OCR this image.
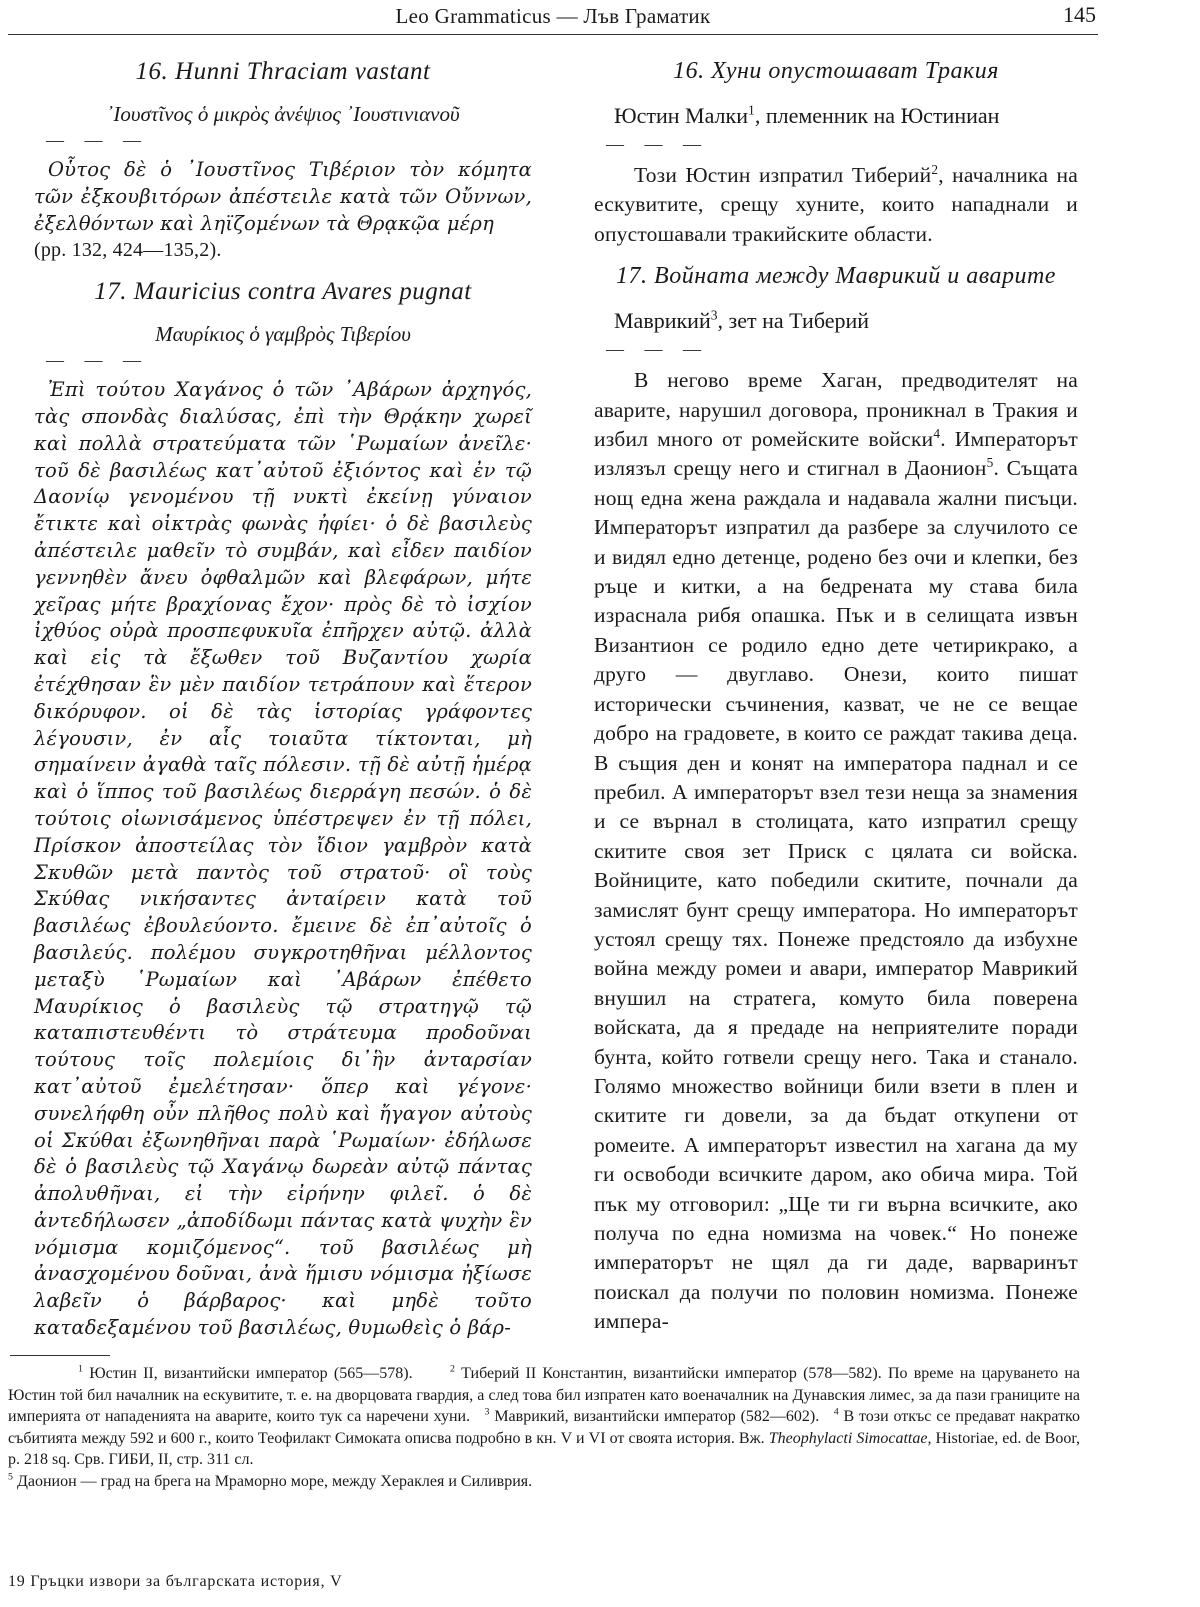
Leo Grammaticus — Лъв Граматик	145
16. Hunni Thraciam vastant
᾿Ιουστῖνος ὁ μικρὸς ἀνέψιος ᾿Ιουστινιανοῦ
— — —

Οὗτος δὲ ὁ ᾿Ιουστῖνος Τιβέριον τὸν κόμητα τῶν ἐξκουβιτόρων ἀπέστειλε κατὰ τῶν Οὔννων, ἐξελθόντων καὶ ληϊζομένων τὰ Θρᾳκῷα μέρη
(pp. 132, 424—135,2).

17. Mauricius contra Avares pugnat
Μαυρίκιος ὁ γαμβρὸς Τιβερίου
— — —

Ἐπὶ τούτου Χαγάνος ὁ τῶν ᾿Αβάρων ἀρχηγός, τὰς σπονδὰς διαλύσας, ἐπὶ τὴν Θρᾴκην χωρεῖ καὶ πολλὰ στρατεύματα τῶν ῾Ρωμαίων ἀνεῖλε· τοῦ δὲ βασιλέως κατ᾿αὐτοῦ ἐξιόντος καὶ ἐν τῷ Δαονίῳ γενομένου τῇ νυκτὶ ἐκείνῃ γύναιον ἔτικτε καὶ οἰκτρὰς φωνὰς ἠφίει· ὁ δὲ βασιλεὺς ἀπέστειλε μαθεῖν τὸ συμβάν, καὶ εἶδεν παιδίον γεννηθὲν ἄνευ ὀφθαλμῶν καὶ βλεφάρων, μήτε χεῖρας μήτε βραχίονας ἔχον· πρὸς δὲ τὸ ἰσχίον ἰχθύος οὐρὰ προσπεφυκυῖα ἐπῆρχεν αὐτῷ. ἀλλὰ καὶ εἰς τὰ ἔξωθεν τοῦ Βυζαντίου χωρία ἐτέχθησαν ἓν μὲν παιδίον τετράπουν καὶ ἕτερον δικόρυφον. οἱ δὲ τὰς ἱστορίας γράφοντες λέγουσιν, ἐν αἷς τοιαῦτα τίκτονται, μὴ σημαίνειν ἀγαθὰ ταῖς πόλεσιν. τῇ δὲ αὐτῇ ἡμέρᾳ καὶ ὁ ἵππος τοῦ βασιλέως διερράγη πεσών. ὁ δὲ τούτοις οἰωνισάμενος ὑπέστρεψεν ἐν τῇ πόλει, Πρίσκον ἀποστείλας τὸν ἴδιον γαμβρὸν κατὰ Σκυθῶν μετὰ παντὸς τοῦ στρατοῦ· οἳ τοὺς Σκύθας νικήσαντες ἀνταίρειν κατὰ τοῦ βασιλέως ἐβουλεύοντο. ἔμεινε δὲ ἐπ᾿αὐτοῖς ὁ βασιλεύς. πολέμου συγκροτηθῆναι μέλλοντος μεταξὺ ῾Ρωμαίων καὶ ᾿Αβάρων ἐπέθετο Μαυρίκιος ὁ βασιλεὺς τῷ στρατηγῷ τῷ καταπιστευθέντι τὸ στράτευμα προδοῦναι τούτους τοῖς πολεμίοις δι᾿ἣν ἀνταρσίαν κατ᾿αὐτοῦ ἐμελέτησαν· ὅπερ καὶ γέγονε· συνελήφθη οὖν πλῆθος πολὺ καὶ ἤγαγον αὐτοὺς οἱ Σκύθαι ἐξωνηθῆναι παρὰ ῾Ρωμαίων· ἐδήλωσε δὲ ὁ βασιλεὺς τῷ Χαγάνῳ δωρεὰν αὐτῷ πάντας ἀπολυθῆναι, εἰ τὴν εἰρήνην φιλεῖ. ὁ δὲ ἀντεδήλωσεν „ἀποδίδωμι πάντας κατὰ ψυχὴν ἓν νόμισμα κομιζόμενος“. τοῦ βασιλέως μὴ ἀνασχομένου δοῦναι, ἀνὰ ἥμισυ νόμισμα ἠξίωσε λαβεῖν ὁ βάρβαρος· καὶ μηδὲ τοῦτο καταδεξαμένου τοῦ βασιλέως, θυμωθεὶς ὁ βάρ-

16. Хуни опустошават Тракия
Юстин Малки$^1$, племенник на Юстиниан
— — —

Този Юстин изпратил Тиберий$^2$, началника на ескувитите, срещу хуните, които нападнали и опустошавали тракийските области.

17. Войната между Маврикий и аварите
Маврикий$^3$, зет на Тиберий
— — —

В негово време Хаган, предводителят на аварите, нарушил договора, проникнал в Тракия и избил много от ромейските войски$^4$. Императорът излязъл срещу него и стигнал в Даонион$^5$. Същата нощ една жена раждала и надавала жални писъци. Императорът изпратил да разбере за случилото се и видял едно детенце, родено без очи и клепки, без ръце и китки, а на бедрената му става била израснала рибя опашка. Пък и в селищата извън Византион се родило едно дете четирикрако, а друго — двуглаво. Онези, които пишат исторически съчинения, казват, че не се вещае добро на градовете, в които се раждат такива деца. В същия ден и конят на императора паднал и се пребил. А императорът взел тези неща за знамения и се върнал в столицата, като изпратил срещу скитите своя зет Приск с цялата си войска. Войниците, като победили скитите, почнали да замислят бунт срещу императора. Но императорът устоял срещу тях. Понеже предстояло да избухне война между ромеи и авари, император Маврикий внушил на стратега, комуто била поверена войската, да я предаде на неприятелите поради бунта, който готвели срещу него. Така и станало. Голямо множество войници били взети в плен и скитите ги довели, за да бъдат откупени от ромеите. А императорът известил на хагана да му ги освободи всичките даром, ако обича мира. Той пък му отговорил: „Ще ти ги върна всичките, ако получа по една номизма на човек.“ Но понеже императорът не щял да ги даде, варваринът поискал да получи по половин номизма. Понеже импера-

$^1$ Юстин II, византийски император (565—578).	$^2$ Тиберий II Константин, византийски император (578—582). По време на царуването на Юстин той бил началник на ескувитите, т. е. на дворцовата гвардия, а след това бил изпратен като военачалник на Дунавския лимес, за да пази границите на империята от нападенията на аварите, които тук са наречени хуни. $^3$ Маврикий, византийски император (582—602). $^4$ В този откъс се предават накратко събитията между 592 и 600 г., които Теофилакт Симоката описва подробно в кн. V и VI от своята история. Вж. Theophylacti Simocattae, Historiae, ed. de Boor, p. 218 sq. Срв. ГИБИ, II, стр. 311 сл.

$^5$ Даонион — град на брега на Мраморно море, между Хераклея и Силиврия.

19 Гръцки извори за българската история, V
